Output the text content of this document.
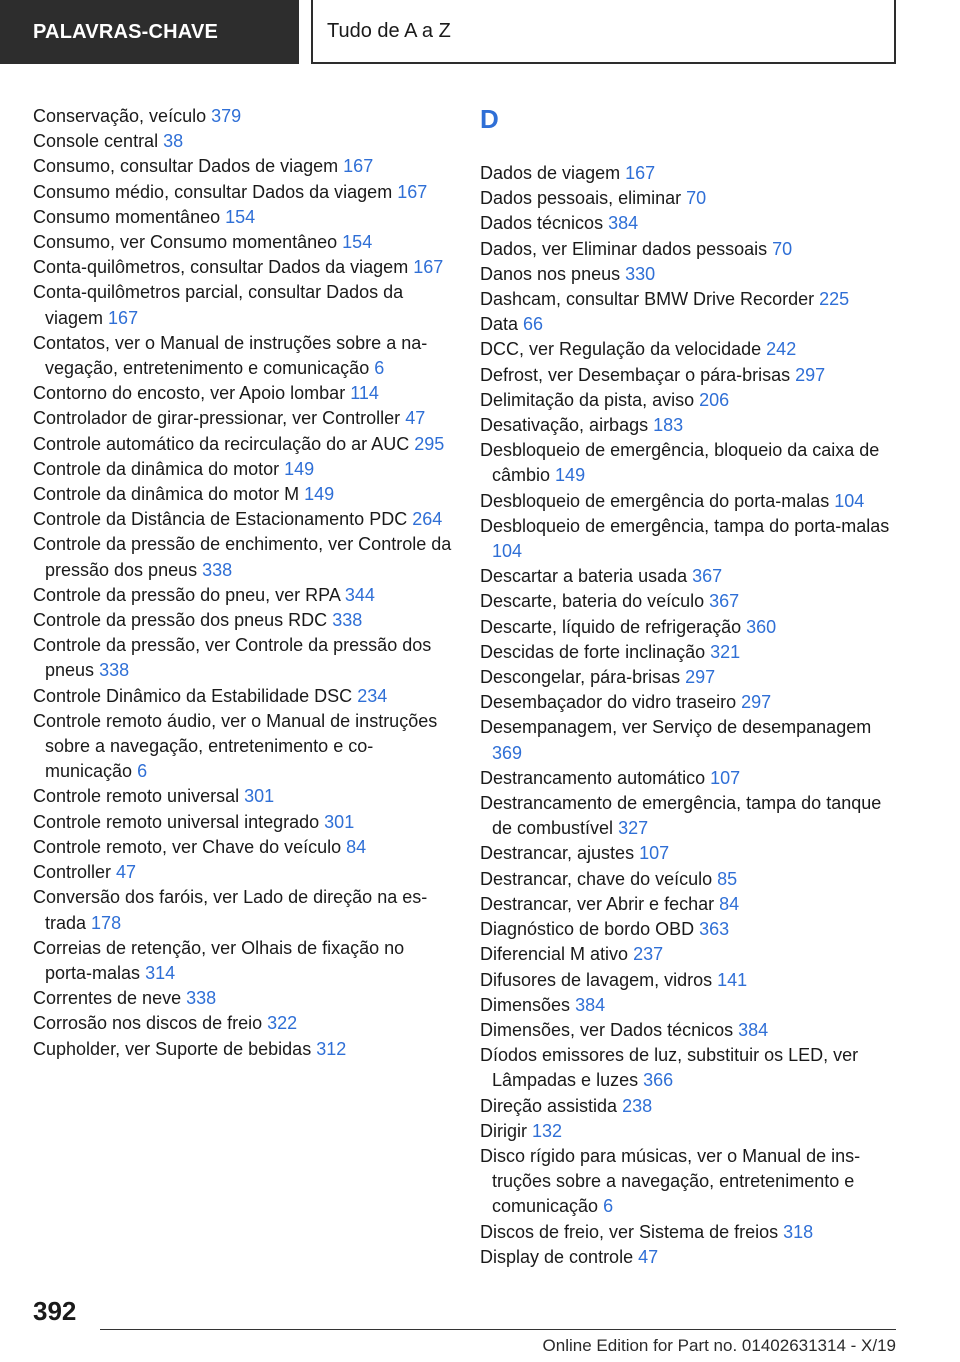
PALAVRAS-CHAVE	Tudo de A a Z
Conservação, veículo 379
Console central 38
Consumo, consultar Dados de viagem 167
Consumo médio, consultar Dados da viagem 167
Consumo momentâneo 154
Consumo, ver Consumo momentâneo 154
Conta-quilômetros, consultar Dados da viagem 167
Conta-quilômetros parcial, consultar Dados da viagem 167
Contatos, ver o Manual de instruções sobre a navegação, entretenimento e comunicação 6
Contorno do encosto, ver Apoio lombar 114
Controlador de girar-pressionar, ver Controller 47
Controle automático da recirculação do ar AUC 295
Controle da dinâmica do motor 149
Controle da dinâmica do motor M 149
Controle da Distância de Estacionamento PDC 264
Controle da pressão de enchimento, ver Controle da pressão dos pneus 338
Controle da pressão do pneu, ver RPA 344
Controle da pressão dos pneus RDC 338
Controle da pressão, ver Controle da pressão dos pneus 338
Controle Dinâmico da Estabilidade DSC 234
Controle remoto áudio, ver o Manual de instruções sobre a navegação, entretenimento e comunicação 6
Controle remoto universal 301
Controle remoto universal integrado 301
Controle remoto, ver Chave do veículo 84
Controller 47
Conversão dos faróis, ver Lado de direção na estrada 178
Correias de retenção, ver Olhais de fixação no porta-malas 314
Correntes de neve 338
Corrosão nos discos de freio 322
Cupholder, ver Suporte de bebidas 312
D
Dados de viagem 167
Dados pessoais, eliminar 70
Dados técnicos 384
Dados, ver Eliminar dados pessoais 70
Danos nos pneus 330
Dashcam, consultar BMW Drive Recorder 225
Data 66
DCC, ver Regulação da velocidade 242
Defrost, ver Desembaçar o pára-brisas 297
Delimitação da pista, aviso 206
Desativação, airbags 183
Desbloqueio de emergência, bloqueio da caixa de câmbio 149
Desbloqueio de emergência do porta-malas 104
Desbloqueio de emergência, tampa do porta-malas 104
Descartar a bateria usada 367
Descarte, bateria do veículo 367
Descarte, líquido de refrigeração 360
Descidas de forte inclinação 321
Descongelar, pára-brisas 297
Desembaçador do vidro traseiro 297
Desempanagem, ver Serviço de desempanagem 369
Destrancamento automático 107
Destrancamento de emergência, tampa do tanque de combustível 327
Destrancar, ajustes 107
Destrancar, chave do veículo 85
Destrancar, ver Abrir e fechar 84
Diagnóstico de bordo OBD 363
Diferencial M ativo 237
Difusores de lavagem, vidros 141
Dimensões 384
Dimensões, ver Dados técnicos 384
Díodos emissores de luz, substituir os LED, ver Lâmpadas e luzes 366
Direção assistida 238
Dirigir 132
Disco rígido para músicas, ver o Manual de instruções sobre a navegação, entretenimento e comunicação 6
Discos de freio, ver Sistema de freios 318
Display de controle 47
392
Online Edition for Part no. 01402631314 - X/19
